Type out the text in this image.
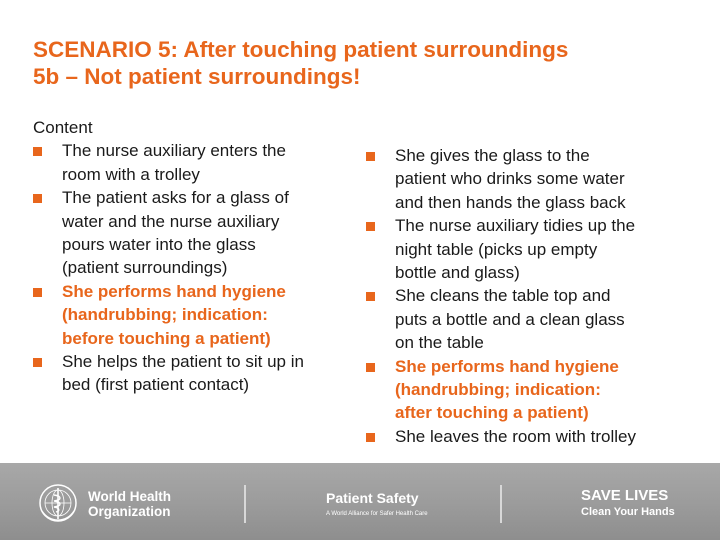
SCENARIO 5: After touching patient surroundings
5b – Not patient surroundings!
Content
The nurse auxiliary enters the
room with a trolley
The patient asks for a glass of
water and the nurse auxiliary
pours water into the glass
(patient surroundings)
She performs hand hygiene
(handrubbing; indication:
before touching a patient)
She helps the patient to sit up in
bed (first patient contact)
She gives the glass to the
patient who drinks some water
and then hands the glass back
The nurse auxiliary tidies up the
night table (picks up empty
bottle and glass)
She cleans the table top and
puts a bottle and a clean glass
on the table
She performs hand hygiene
(handrubbing; indication:
after touching a patient)
She leaves the room with trolley
World Health
Organization
Patient Safety
A World Alliance for Safer Health Care
SAVE LIVES
Clean Your Hands
